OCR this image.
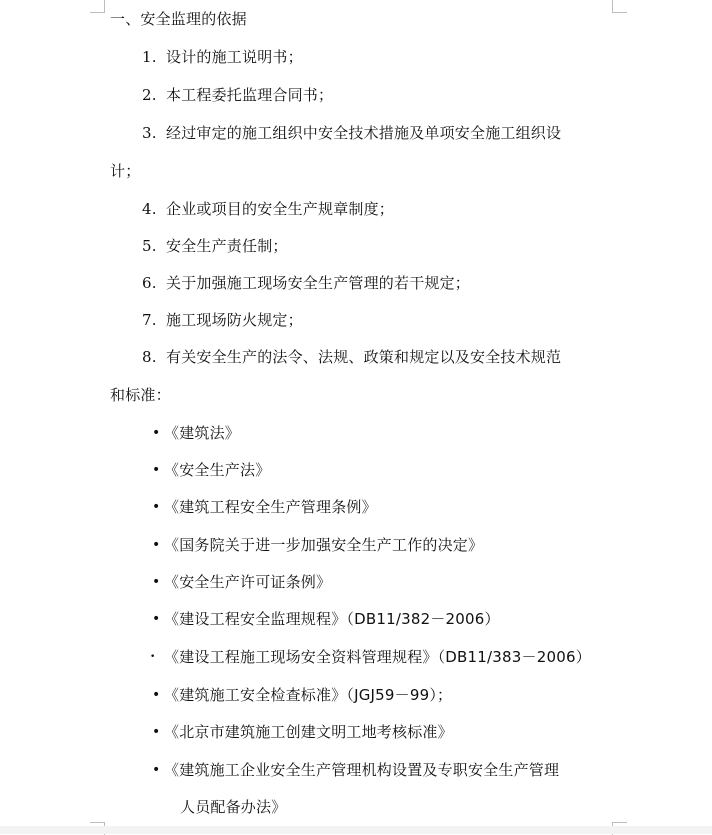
一、安全监理的依据
1. 设计的施工说明书；
2. 本工程委托监理合同书；
3. 经过审定的施工组织中安全技术措施及单项安全施工组织设
计；
4. 企业或项目的安全生产规章制度；
5. 安全生产责任制；
6. 关于加强施工现场安全生产管理的若干规定；
7. 施工现场防火规定；
8. 有关安全生产的法令、法规、政策和规定以及安全技术规范
和标准：
• 《建筑法》
• 《安全生产法》
• 《建筑工程安全生产管理条例》
• 《国务院关于进一步加强安全生产工作的决定》
• 《安全生产许可证条例》
• 《建设工程安全监理规程》（DB11/382－2006）
• 《建设工程施工现场安全资料管理规程》（DB11/383－2006）
• 《建筑施工安全检查标准》（JGJ59－99）；
• 《北京市建筑施工创建文明工地考核标准》
• 《建筑施工企业安全生产管理机构设置及专职安全生产管理
人员配备办法》
